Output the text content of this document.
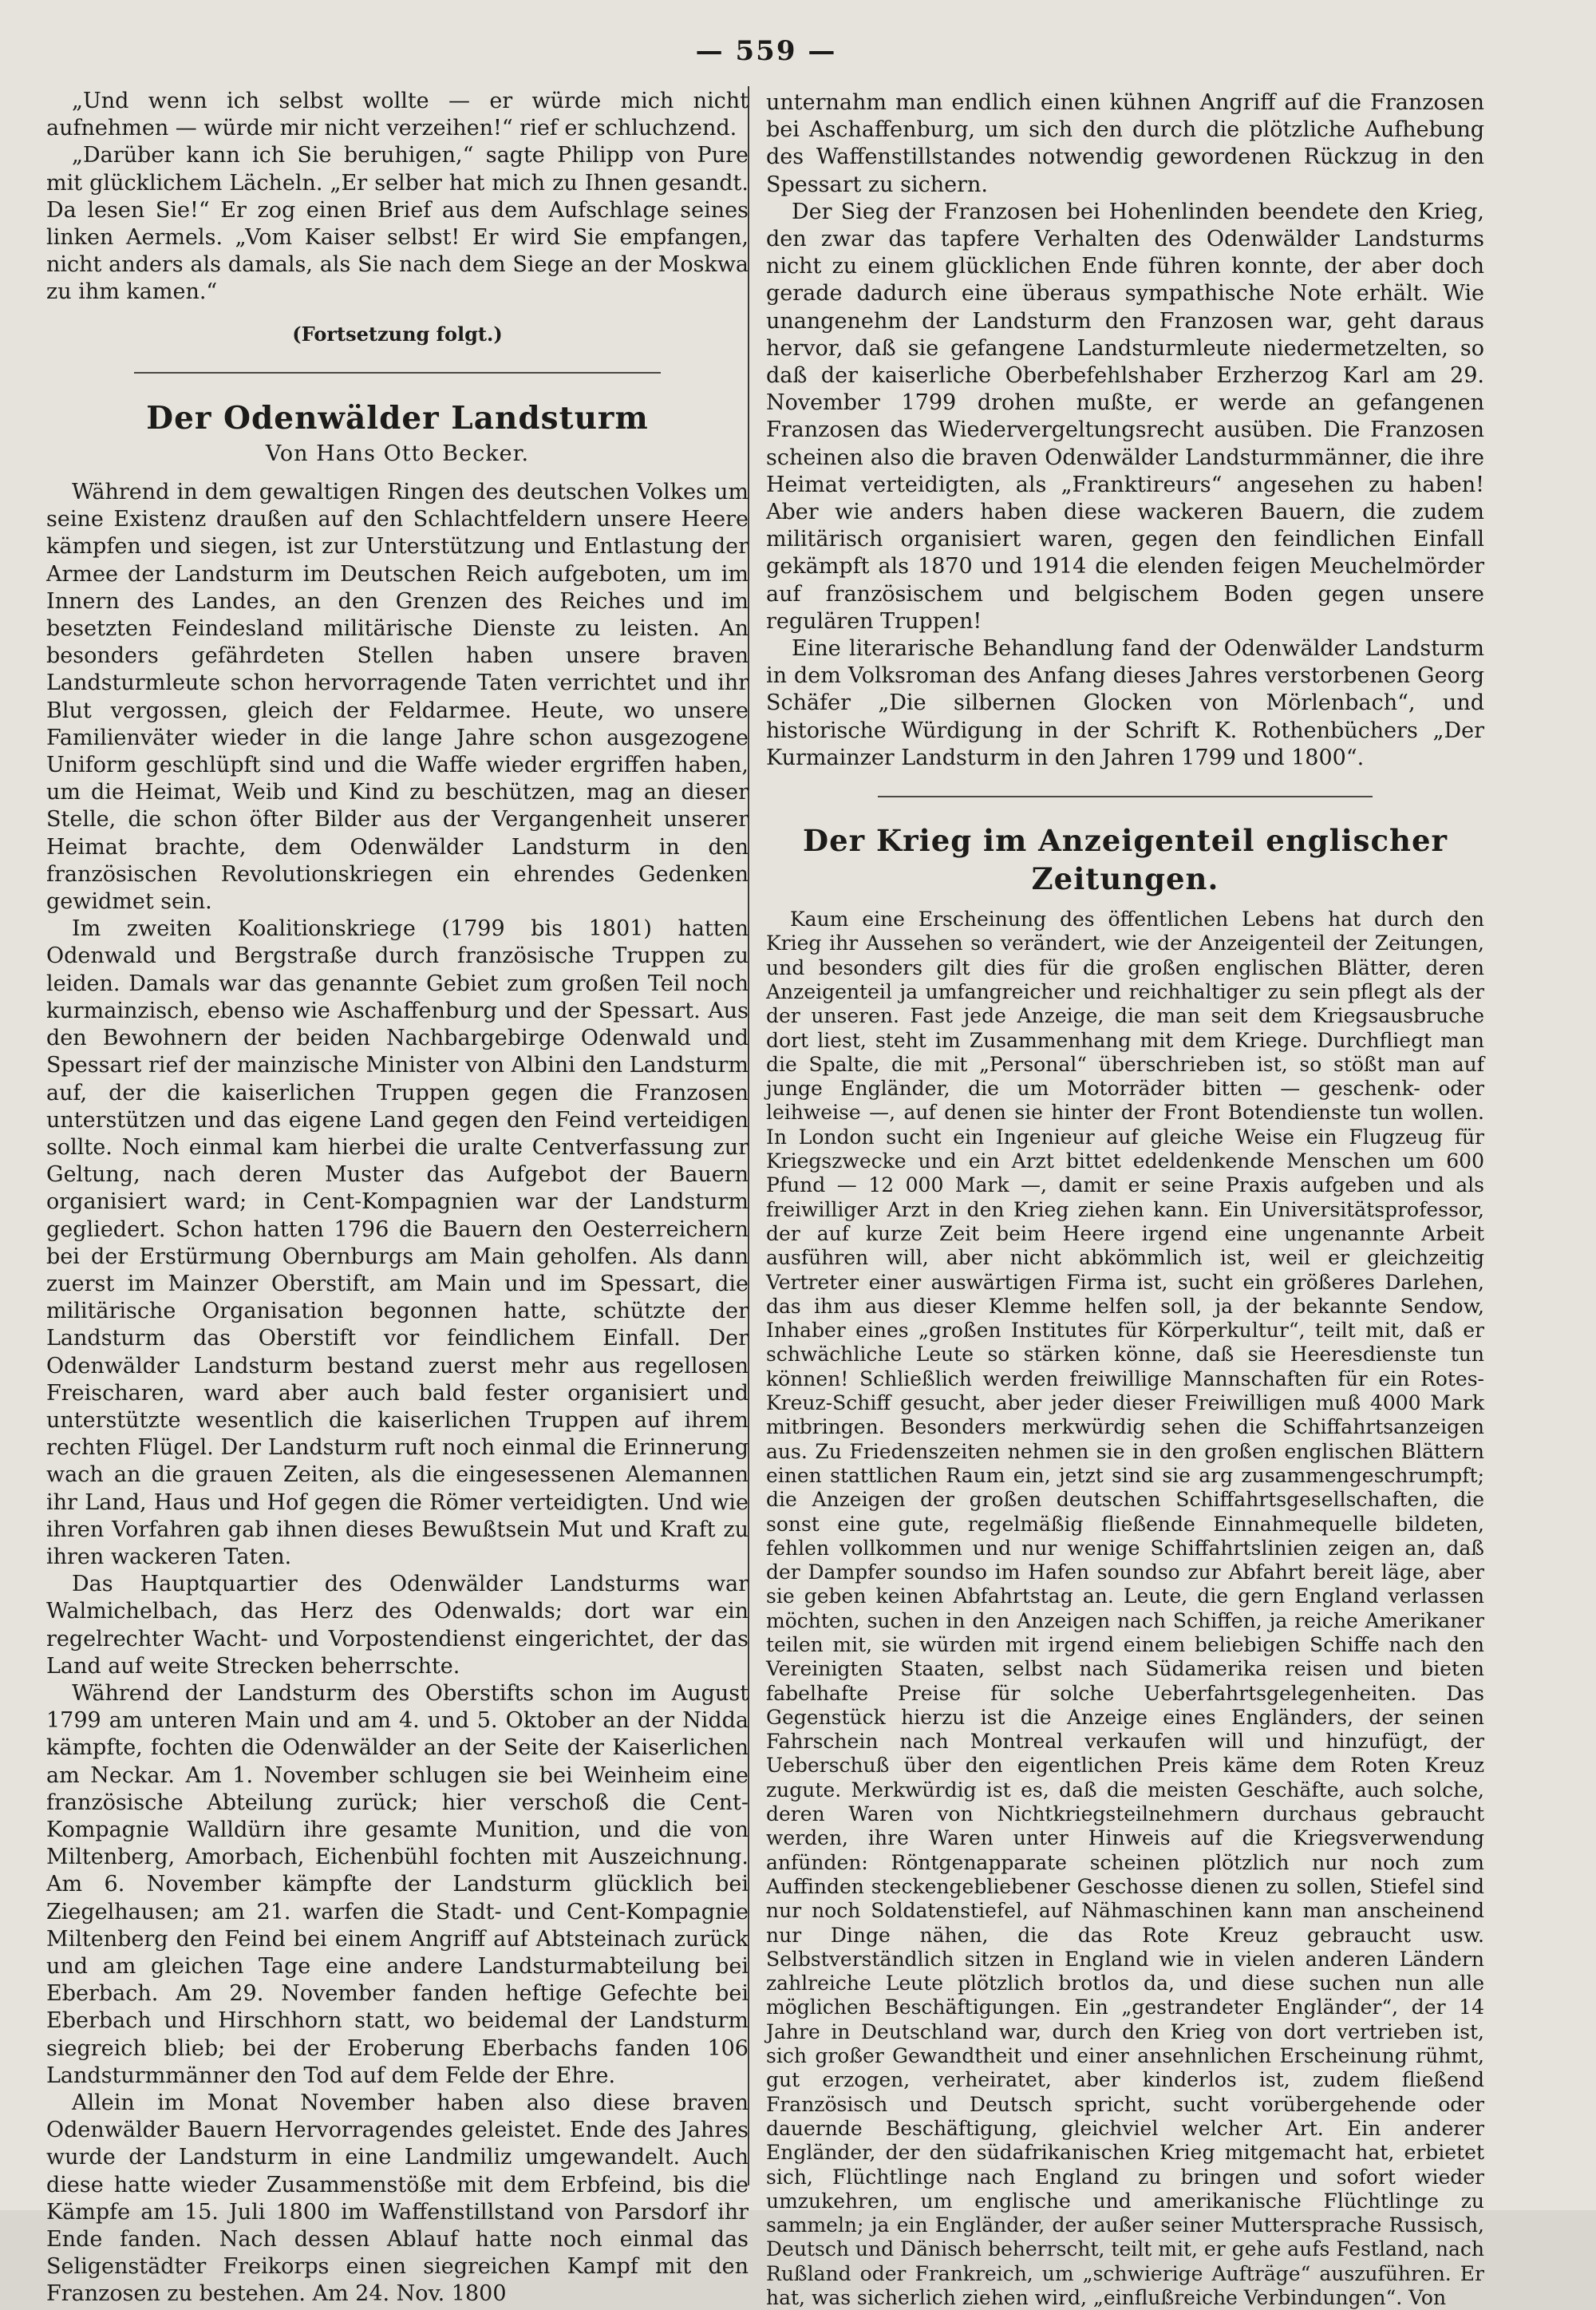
— 559 —

„Und wenn ich selbst wollte — er würde mich nicht aufnehmen — würde mir nicht verzeihen!“ rief er schluchzend.

„Darüber kann ich Sie beruhigen,“ sagte Philipp von Pure mit glücklichem Lächeln. „Er selber hat mich zu Ihnen gesandt. Da lesen Sie!“ Er zog einen Brief aus dem Aufschlage seines linken Aermels. „Vom Kaiser selbst! Er wird Sie empfangen, nicht anders als damals, als Sie nach dem Siege an der Moskwa zu ihm kamen.“

(Fortsetzung folgt.)

Der Odenwälder Landsturm

Von Hans Otto Becker.

Während in dem gewaltigen Ringen des deutschen Volkes um seine Existenz draußen auf den Schlachtfeldern unsere Heere kämpfen und siegen, ist zur Unterstützung und Entlastung der Armee der Landsturm im Deutschen Reich aufgeboten, um im Innern des Landes, an den Grenzen des Reiches und im besetzten Feindesland militärische Dienste zu leisten. An besonders gefährdeten Stellen haben unsere braven Landsturmleute schon hervorragende Taten verrichtet und ihr Blut vergossen, gleich der Feldarmee. Heute, wo unsere Familienväter wieder in die lange Jahre schon ausgezogene Uniform geschlüpft sind und die Waffe wieder ergriffen haben, um die Heimat, Weib und Kind zu beschützen, mag an dieser Stelle, die schon öfter Bilder aus der Vergangenheit unserer Heimat brachte, dem Odenwälder Landsturm in den französischen Revolutionskriegen ein ehrendes Gedenken gewidmet sein.

Im zweiten Koalitionskriege (1799 bis 1801) hatten Odenwald und Bergstraße durch französische Truppen zu leiden. Damals war das genannte Gebiet zum großen Teil noch kurmainzisch, ebenso wie Aschaffenburg und der Spessart. Aus den Bewohnern der beiden Nachbargebirge Odenwald und Spessart rief der mainzische Minister von Albini den Landsturm auf, der die kaiserlichen Truppen gegen die Franzosen unterstützen und das eigene Land gegen den Feind verteidigen sollte. Noch einmal kam hierbei die uralte Centverfassung zur Geltung, nach deren Muster das Aufgebot der Bauern organisiert ward; in Cent-Kompagnien war der Landsturm gegliedert. Schon hatten 1796 die Bauern den Oesterreichern bei der Erstürmung Obernburgs am Main geholfen. Als dann zuerst im Mainzer Oberstift, am Main und im Spessart, die militärische Organisation begonnen hatte, schützte der Landsturm das Oberstift vor feindlichem Einfall. Der Odenwälder Landsturm bestand zuerst mehr aus regellosen Freischaren, ward aber auch bald fester organisiert und unterstützte wesentlich die kaiserlichen Truppen auf ihrem rechten Flügel. Der Landsturm ruft noch einmal die Erinnerung wach an die grauen Zeiten, als die eingesessenen Alemannen ihr Land, Haus und Hof gegen die Römer verteidigten. Und wie ihren Vorfahren gab ihnen dieses Bewußtsein Mut und Kraft zu ihren wackeren Taten.

Das Hauptquartier des Odenwälder Landsturms war Walmichelbach, das Herz des Odenwalds; dort war ein regelrechter Wacht- und Vorpostendienst eingerichtet, der das Land auf weite Strecken beherrschte.

Während der Landsturm des Oberstifts schon im August 1799 am unteren Main und am 4. und 5. Oktober an der Nidda kämpfte, fochten die Odenwälder an der Seite der Kaiserlichen am Neckar. Am 1. November schlugen sie bei Weinheim eine französische Abteilung zurück; hier verschoß die Cent-Kompagnie Walldürn ihre gesamte Munition, und die von Miltenberg, Amorbach, Eichenbühl fochten mit Auszeichnung. Am 6. November kämpfte der Landsturm glücklich bei Ziegelhausen; am 21. warfen die Stadt- und Cent-Kompagnie Miltenberg den Feind bei einem Angriff auf Abtsteinach zurück und am gleichen Tage eine andere Landsturmabteilung bei Eberbach. Am 29. November fanden heftige Gefechte bei Eberbach und Hirschhorn statt, wo beidemal der Landsturm siegreich blieb; bei der Eroberung Eberbachs fanden 106 Landsturmmänner den Tod auf dem Felde der Ehre.

Allein im Monat November haben also diese braven Odenwälder Bauern Hervorragendes geleistet. Ende des Jahres wurde der Landsturm in eine Landmiliz umgewandelt. Auch diese hatte wieder Zusammenstöße mit dem Erbfeind, bis die Kämpfe am 15. Juli 1800 im Waffenstillstand von Parsdorf ihr Ende fanden. Nach dessen Ablauf hatte noch einmal das Seligenstädter Freikorps einen siegreichen Kampf mit den Franzosen zu bestehen. Am 24. Nov. 1800

unternahm man endlich einen kühnen Angriff auf die Franzosen bei Aschaffenburg, um sich den durch die plötzliche Aufhebung des Waffenstillstandes notwendig gewordenen Rückzug in den Spessart zu sichern.

Der Sieg der Franzosen bei Hohenlinden beendete den Krieg, den zwar das tapfere Verhalten des Odenwälder Landsturms nicht zu einem glücklichen Ende führen konnte, der aber doch gerade dadurch eine überaus sympathische Note erhält. Wie unangenehm der Landsturm den Franzosen war, geht daraus hervor, daß sie gefangene Landsturmleute niedermetzelten, so daß der kaiserliche Oberbefehlshaber Erzherzog Karl am 29. November 1799 drohen mußte, er werde an gefangenen Franzosen das Wiedervergeltungsrecht ausüben. Die Franzosen scheinen also die braven Odenwälder Landsturmmänner, die ihre Heimat verteidigten, als „Franktireurs“ angesehen zu haben! Aber wie anders haben diese wackeren Bauern, die zudem militärisch organisiert waren, gegen den feindlichen Einfall gekämpft als 1870 und 1914 die elenden feigen Meuchelmörder auf französischem und belgischem Boden gegen unsere regulären Truppen!

Eine literarische Behandlung fand der Odenwälder Landsturm in dem Volksroman des Anfang dieses Jahres verstorbenen Georg Schäfer „Die silbernen Glocken von Mörlenbach“, und historische Würdigung in der Schrift K. Rothenbüchers „Der Kurmainzer Landsturm in den Jahren 1799 und 1800“.

Der Krieg im Anzeigenteil englischer Zeitungen.

Kaum eine Erscheinung des öffentlichen Lebens hat durch den Krieg ihr Aussehen so verändert, wie der Anzeigenteil der Zeitungen, und besonders gilt dies für die großen englischen Blätter, deren Anzeigenteil ja umfangreicher und reichhaltiger zu sein pflegt als der der unseren. Fast jede Anzeige, die man seit dem Kriegsausbruche dort liest, steht im Zusammenhang mit dem Kriege. Durchfliegt man die Spalte, die mit „Personal“ überschrieben ist, so stößt man auf junge Engländer, die um Motorräder bitten — geschenk- oder leihweise —, auf denen sie hinter der Front Botendienste tun wollen. In London sucht ein Ingenieur auf gleiche Weise ein Flugzeug für Kriegszwecke und ein Arzt bittet edeldenkende Menschen um 600 Pfund — 12 000 Mark —, damit er seine Praxis aufgeben und als freiwilliger Arzt in den Krieg ziehen kann. Ein Universitätsprofessor, der auf kurze Zeit beim Heere irgend eine ungenannte Arbeit ausführen will, aber nicht abkömmlich ist, weil er gleichzeitig Vertreter einer auswärtigen Firma ist, sucht ein größeres Darlehen, das ihm aus dieser Klemme helfen soll, ja der bekannte Sendow, Inhaber eines „großen Institutes für Körperkultur“, teilt mit, daß er schwächliche Leute so stärken könne, daß sie Heeresdienste tun können! Schließlich werden freiwillige Mannschaften für ein Rotes-Kreuz-Schiff gesucht, aber jeder dieser Freiwilligen muß 4000 Mark mitbringen. Besonders merkwürdig sehen die Schiffahrtsanzeigen aus. Zu Friedenszeiten nehmen sie in den großen englischen Blättern einen stattlichen Raum ein, jetzt sind sie arg zusammengeschrumpft; die Anzeigen der großen deutschen Schiffahrtsgesellschaften, die sonst eine gute, regelmäßig fließende Einnahmequelle bildeten, fehlen vollkommen und nur wenige Schiffahrtslinien zeigen an, daß der Dampfer soundso im Hafen soundso zur Abfahrt bereit läge, aber sie geben keinen Abfahrtstag an. Leute, die gern England verlassen möchten, suchen in den Anzeigen nach Schiffen, ja reiche Amerikaner teilen mit, sie würden mit irgend einem beliebigen Schiffe nach den Vereinigten Staaten, selbst nach Südamerika reisen und bieten fabelhafte Preise für solche Ueberfahrtsgelegenheiten. Das Gegenstück hierzu ist die Anzeige eines Engländers, der seinen Fahrschein nach Montreal verkaufen will und hinzufügt, der Ueberschuß über den eigentlichen Preis käme dem Roten Kreuz zugute. Merkwürdig ist es, daß die meisten Geschäfte, auch solche, deren Waren von Nichtkriegsteilnehmern durchaus gebraucht werden, ihre Waren unter Hinweis auf die Kriegsverwendung anfünden: Röntgenapparate scheinen plötzlich nur noch zum Auffinden steckengebliebener Geschosse dienen zu sollen, Stiefel sind nur noch Soldatenstiefel, auf Nähmaschinen kann man anscheinend nur Dinge nähen, die das Rote Kreuz gebraucht usw. Selbstverständlich sitzen in England wie in vielen anderen Ländern zahlreiche Leute plötzlich brotlos da, und diese suchen nun alle möglichen Beschäftigungen. Ein „gestrandeter Engländer“, der 14 Jahre in Deutschland war, durch den Krieg von dort vertrieben ist, sich großer Gewandtheit und einer ansehnlichen Erscheinung rühmt, gut erzogen, verheiratet, aber kinderlos ist, zudem fließend Französisch und Deutsch spricht, sucht vorübergehende oder dauernde Beschäftigung, gleichviel welcher Art. Ein anderer Engländer, der den südafrikanischen Krieg mitgemacht hat, erbietet sich, Flüchtlinge nach England zu bringen und sofort wieder umzukehren, um englische und amerikanische Flüchtlinge zu sammeln; ja ein Engländer, der außer seiner Muttersprache Russisch, Deutsch und Dänisch beherrscht, teilt mit, er gehe aufs Festland, nach Rußland oder Frankreich, um „schwierige Aufträge“ auszuführen. Er hat, was sicherlich ziehen wird, „einflußreiche Verbindungen“. Von
